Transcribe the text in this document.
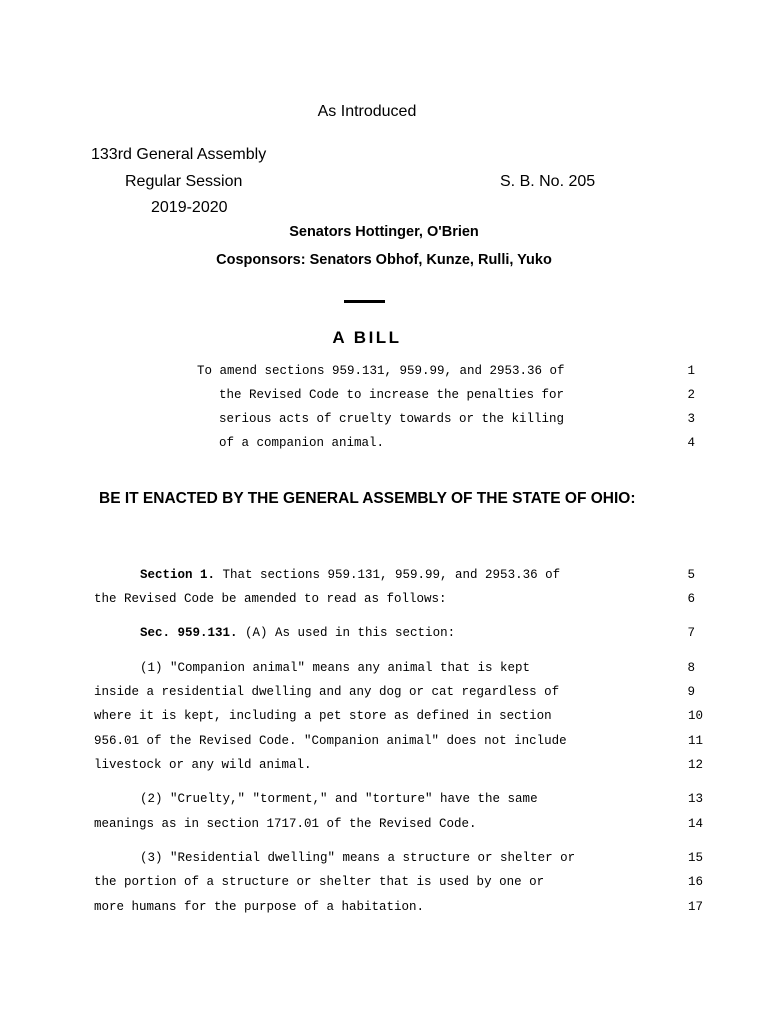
As Introduced
133rd General Assembly
Regular Session
2019-2020
S. B. No. 205
Senators Hottinger, O'Brien
Cosponsors: Senators Obhof, Kunze, Rulli, Yuko
A BILL
To amend sections 959.131, 959.99, and 2953.36 of	1
the Revised Code to increase the penalties for	2
serious acts of cruelty towards or the killing	3
of a companion animal.	4
BE IT ENACTED BY THE GENERAL ASSEMBLY OF THE STATE OF OHIO:
Section 1. That sections 959.131, 959.99, and 2953.36 of	5
the Revised Code be amended to read as follows:	6
Sec. 959.131. (A) As used in this section:	7
(1) "Companion animal" means any animal that is kept	8
inside a residential dwelling and any dog or cat regardless of	9
where it is kept, including a pet store as defined in section	10
956.01 of the Revised Code. "Companion animal" does not include	11
livestock or any wild animal.	12
(2) "Cruelty," "torment," and "torture" have the same	13
meanings as in section 1717.01 of the Revised Code.	14
(3) "Residential dwelling" means a structure or shelter or	15
the portion of a structure or shelter that is used by one or	16
more humans for the purpose of a habitation.	17
